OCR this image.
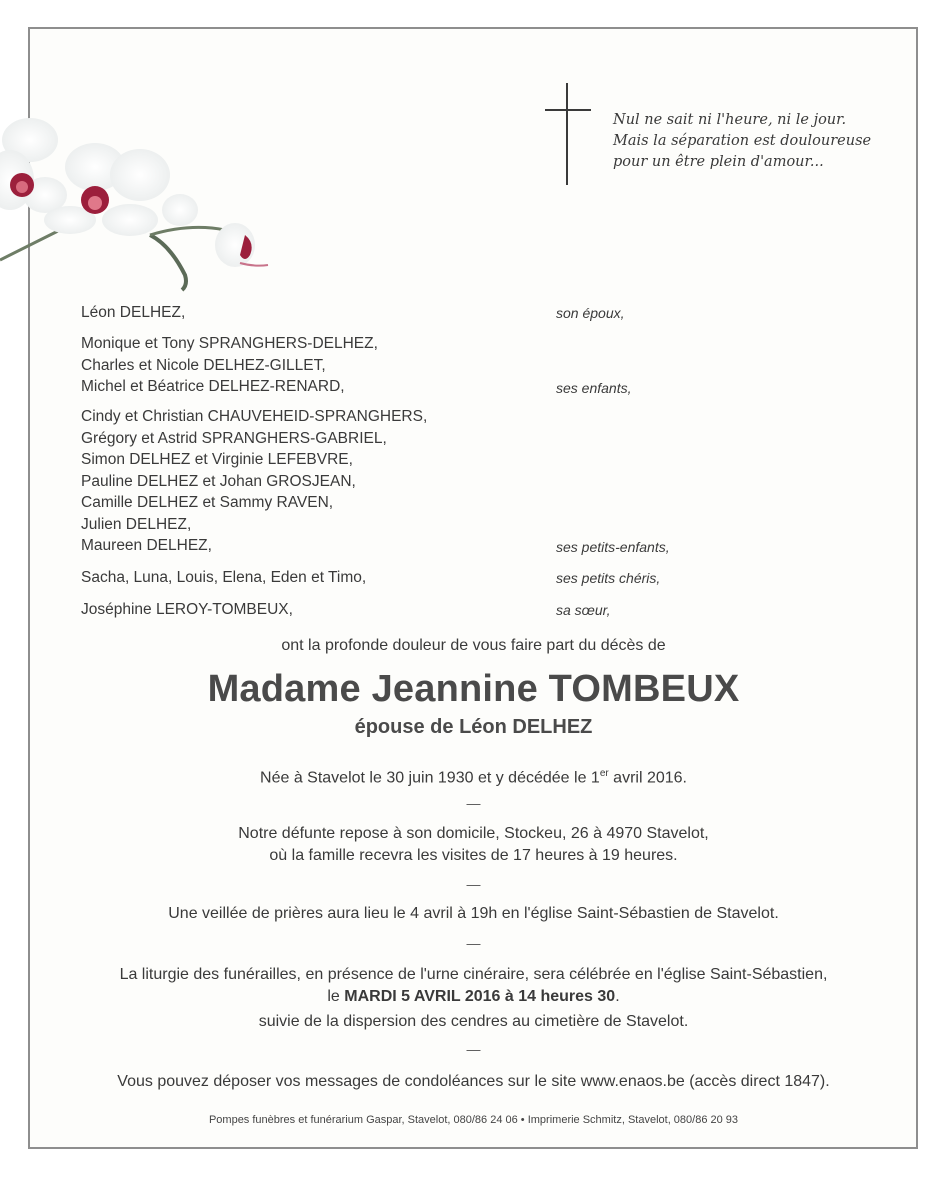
Nul ne sait ni l'heure, ni le jour.
Mais la séparation est douloureuse
pour un être plein d'amour...
Léon DELHEZ,	son époux,
Monique et Tony SPRANGHERS-DELHEZ,
Charles et Nicole DELHEZ-GILLET,
Michel et Béatrice DELHEZ-RENARD,	ses enfants,
Cindy et Christian CHAUVEHEID-SPRANGHERS,
Grégory et Astrid SPRANGHERS-GABRIEL,
Simon DELHEZ et Virginie LEFEBVRE,
Pauline DELHEZ et Johan GROSJEAN,
Camille DELHEZ et Sammy RAVEN,
Julien DELHEZ,
Maureen DELHEZ,	ses petits-enfants,
Sacha, Luna, Louis, Elena, Eden et Timo,	ses petits chéris,
Joséphine LEROY-TOMBEUX,	sa sœur,
ont la profonde douleur de vous faire part du décès de
Madame Jeannine TOMBEUX
épouse de Léon DELHEZ
Née à Stavelot le 30 juin 1930 et y décédée le 1er avril 2016.
—
Notre défunte repose à son domicile, Stockeu, 26 à 4970 Stavelot,
où la famille recevra les visites de 17 heures à 19 heures.
—
Une veillée de prières aura lieu le 4 avril à 19h en l'église Saint-Sébastien de Stavelot.
—
La liturgie des funérailles, en présence de l'urne cinéraire, sera célébrée en l'église Saint-Sébastien,
le MARDI 5 AVRIL 2016 à 14 heures 30.
suivie de la dispersion des cendres au cimetière de Stavelot.
—
Vous pouvez déposer vos messages de condoléances sur le site www.enaos.be (accès direct 1847).
Pompes funèbres et funérarium Gaspar, Stavelot, 080/86 24 06 • Imprimerie Schmitz, Stavelot, 080/86 20 93
